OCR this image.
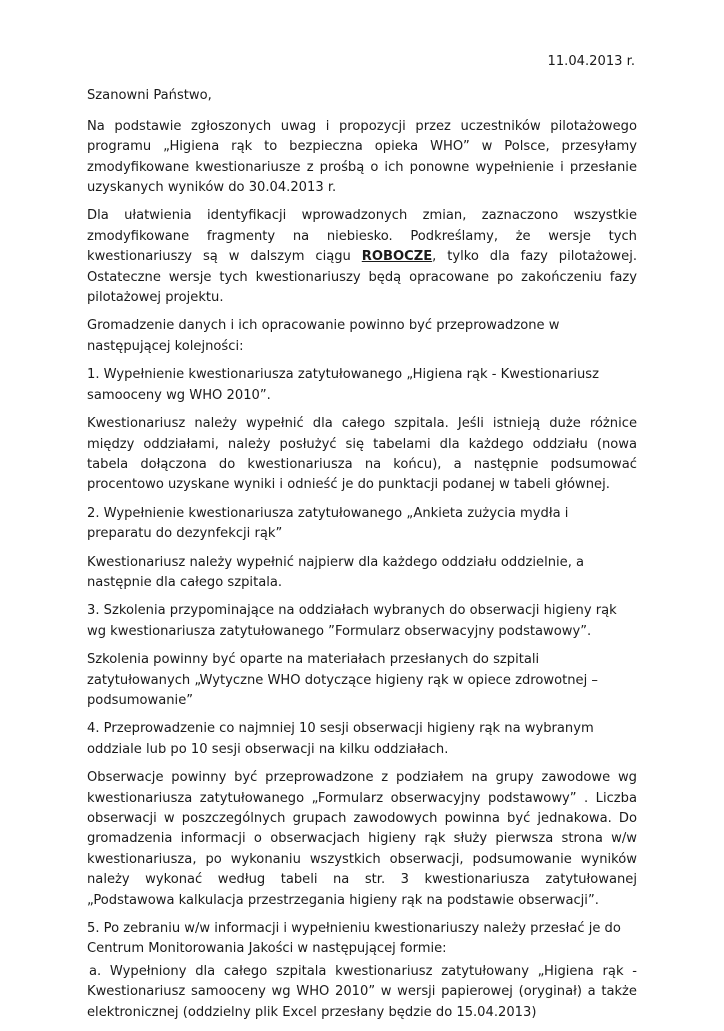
11.04.2013 r.
Szanowni Państwo,
Na podstawie zgłoszonych uwag i propozycji przez uczestników pilotażowego programu „Higiena rąk to bezpieczna opieka WHO” w Polsce, przesyłamy zmodyfikowane kwestionariusze z prośbą o ich ponowne wypełnienie i przesłanie uzyskanych wyników do 30.04.2013 r.
Dla ułatwienia identyfikacji wprowadzonych zmian, zaznaczono wszystkie zmodyfikowane fragmenty na niebiesko. Podkreślamy, że wersje tych kwestionariuszy są w dalszym ciągu ROBOCZE, tylko dla fazy pilotażowej. Ostateczne wersje tych kwestionariuszy będą opracowane po zakończeniu fazy pilotażowej projektu.
Gromadzenie danych i ich opracowanie powinno być przeprowadzone w następującej kolejności:
1. Wypełnienie kwestionariusza zatytułowanego „Higiena rąk - Kwestionariusz samooceny wg WHO 2010”.
Kwestionariusz należy wypełnić dla całego szpitala. Jeśli istnieją duże różnice między oddziałami, należy posłużyć się tabelami dla każdego oddziału (nowa tabela dołączona do kwestionariusza na końcu), a następnie podsumować procentowo uzyskane wyniki i odnieść je do punktacji podanej w tabeli głównej.
2. Wypełnienie kwestionariusza zatytułowanego „Ankieta zużycia mydła i preparatu do dezynfekcji rąk”
Kwestionariusz należy wypełnić najpierw dla każdego oddziału oddzielnie, a następnie dla całego szpitala.
3. Szkolenia przypominające na oddziałach wybranych do obserwacji higieny rąk wg kwestionariusza zatytułowanego ”Formularz obserwacyjny podstawowy”.
Szkolenia powinny być oparte na materiałach przesłanych do szpitali zatytułowanych „Wytyczne WHO dotyczące higieny rąk w opiece zdrowotnej – podsumowanie”
4. Przeprowadzenie co najmniej 10 sesji obserwacji higieny rąk na wybranym oddziale lub po 10 sesji obserwacji na kilku oddziałach.
Obserwacje powinny być przeprowadzone z podziałem na grupy zawodowe wg kwestionariusza zatytułowanego „Formularz obserwacyjny podstawowy” . Liczba obserwacji w poszczególnych grupach zawodowych powinna być jednakowa. Do gromadzenia informacji o obserwacjach higieny rąk służy pierwsza strona w/w kwestionariusza, po wykonaniu wszystkich obserwacji, podsumowanie wyników należy wykonać według tabeli na str. 3 kwestionariusza zatytułowanej „Podstawowa kalkulacja przestrzegania higieny rąk na podstawie obserwacji”.
5. Po zebraniu w/w informacji i wypełnieniu kwestionariuszy należy przesłać je do Centrum Monitorowania Jakości w następującej formie:
a. Wypełniony dla całego szpitala kwestionariusz zatytułowany „Higiena rąk - Kwestionariusz samooceny wg WHO 2010” w wersji papierowej (oryginał) a także elektronicznej (oddzielny plik Excel przesłany będzie do 15.04.2013)
